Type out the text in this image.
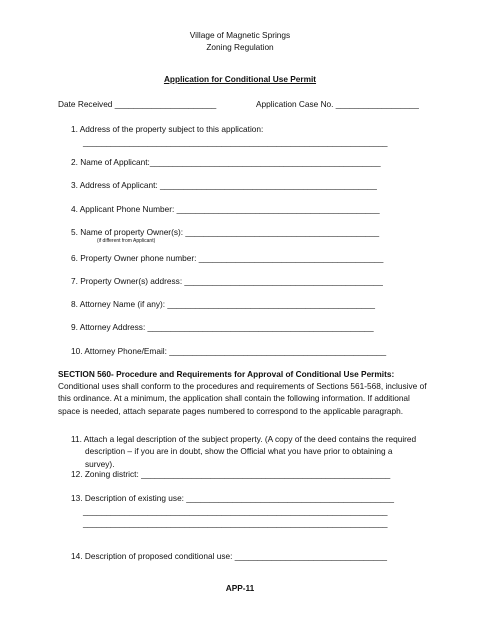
Village of Magnetic Springs
Zoning Regulation
Application for Conditional Use Permit
Date Received ______________________	Application Case No. __________________
1. Address of the property subject to this application:
__________________________________________________________________
2. Name of Applicant:__________________________________________________
3. Address of Applicant: _______________________________________________
4. Applicant Phone Number: ____________________________________________
5. Name of property Owner(s): __________________________________________
(if different from Applicant)
6. Property Owner phone number: ________________________________________
7. Property Owner(s) address: ___________________________________________
8. Attorney Name (if any): _____________________________________________
9. Attorney Address: _________________________________________________
10. Attorney Phone/Email: _______________________________________________
SECTION 560- Procedure and Requirements for Approval of Conditional Use Permits:
Conditional uses shall conform to the procedures and requirements of Sections 561-568, inclusive of this ordinance. At a minimum, the application shall contain the following information. If additional space is needed, attach separate pages numbered to correspond to the applicable paragraph.
11. Attach a legal description of the subject property. (A copy of the deed contains the required description – if you are in doubt, show the Official what you have prior to obtaining a survey).
12. Zoning district: ______________________________________________________
13. Description of existing use: _____________________________________________
__________________________________________________________________
__________________________________________________________________
14. Description of proposed conditional use: _________________________________
APP-11
